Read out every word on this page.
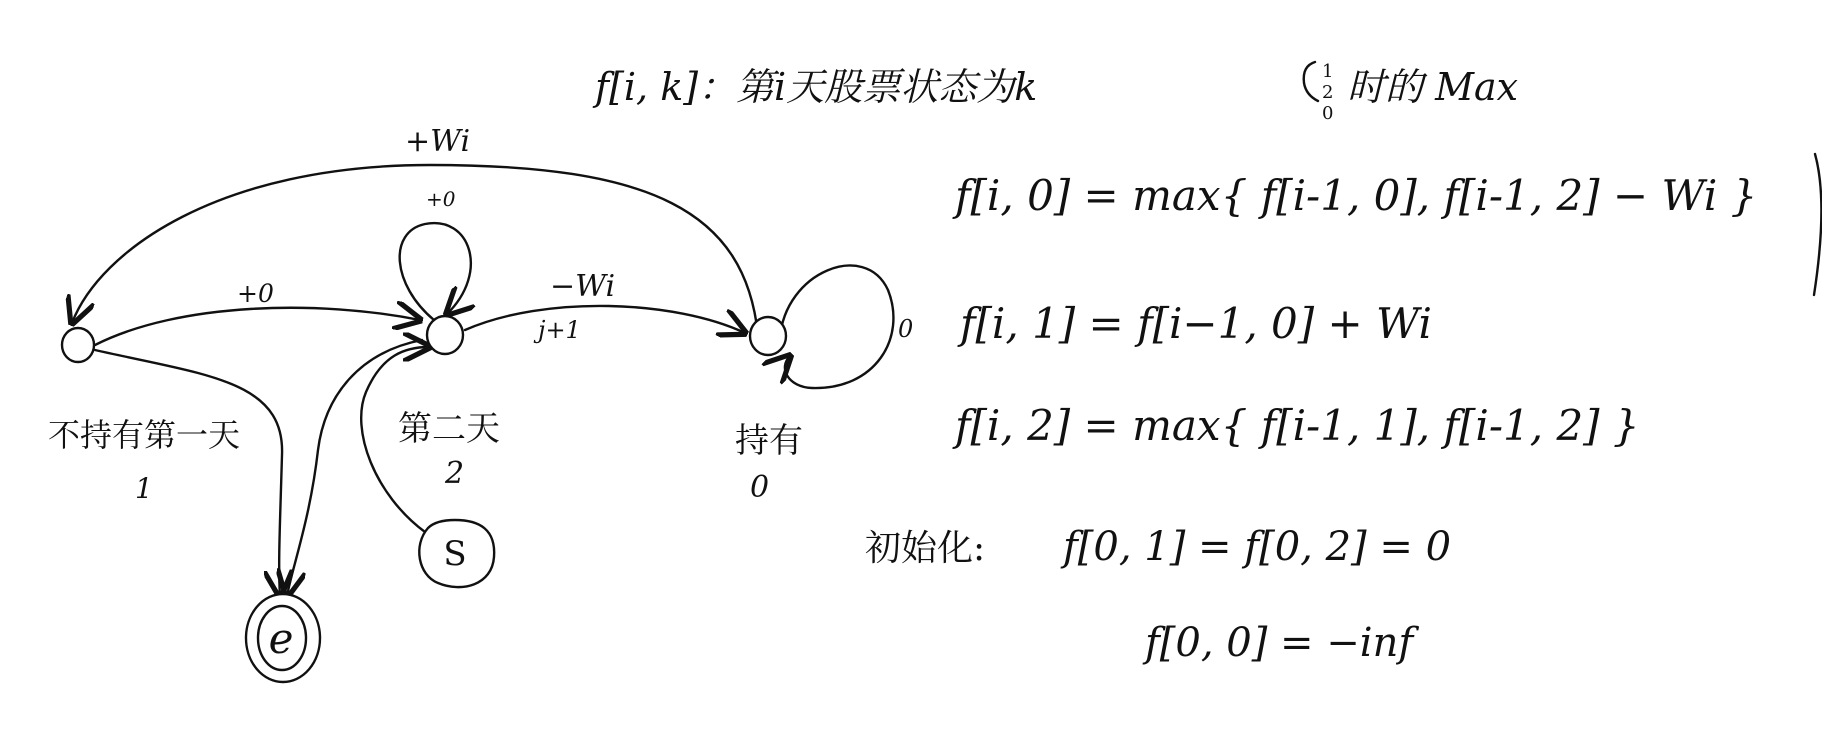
f[i, k]：第i天股票状态为k	1
2
0
时的 Max
+Wi
+0
+0
−Wi
j+1	0
S
e
不持有第一天
1
第二天
2
持有
0
f[i, 0] = max{ f[i-1, 0], f[i-1, 2] − Wi }
f[i, 1] = f[i−1, 0] + Wi
f[i, 2] = max{ f[i-1, 1], f[i-1, 2] }
初始化: f[0, 1] = f[0, 2] = 0
f[0, 0] = −inf
